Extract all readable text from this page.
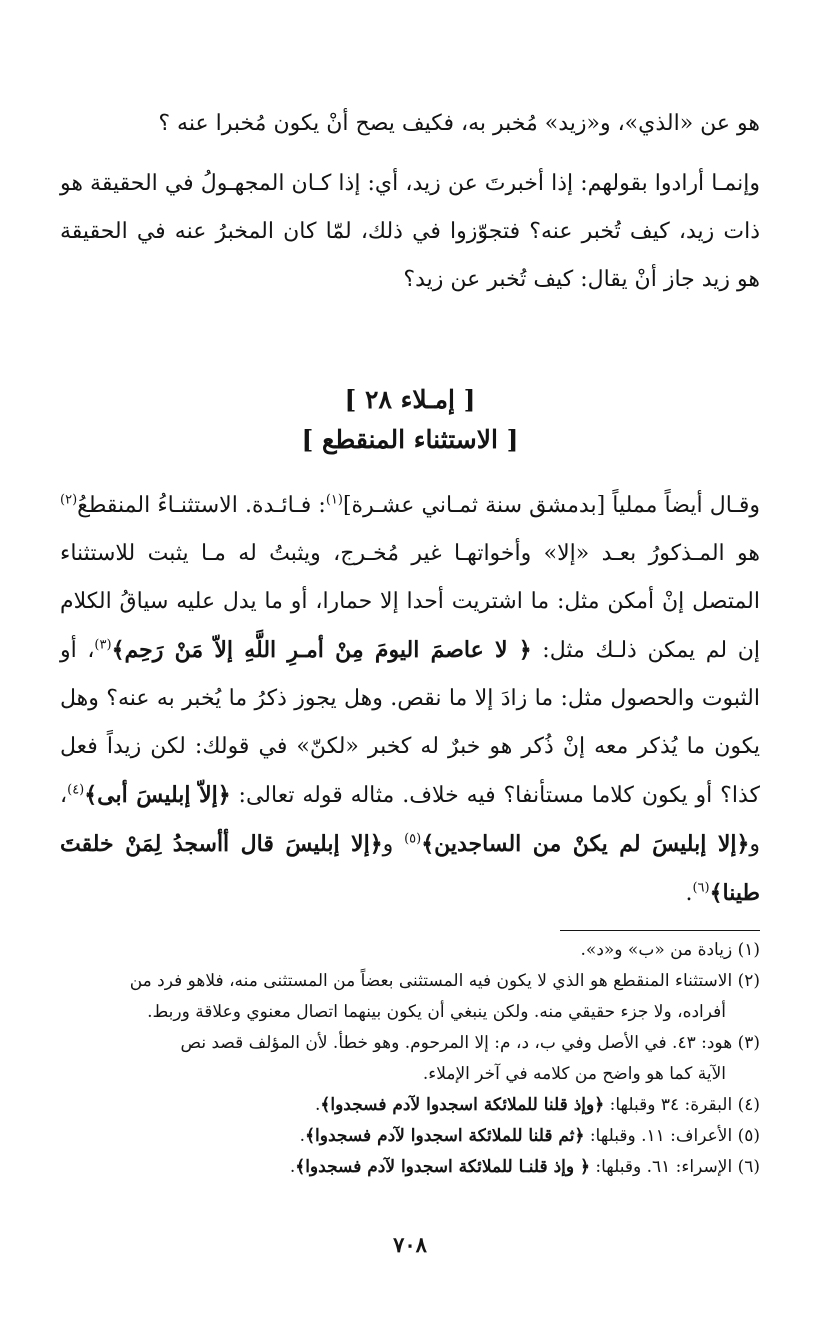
هو عن «الذي»، و«زيد» مُخبر به، فكيف يصح أنْ يكون مُخبرا عنه ؟

وإنمـا أرادوا بقولهم: إذا أخبرتَ عن زيد، أي: إذا كـان المجهـولُ في الحقيقة هو ذات زيد، كيف تُخبر عنه؟ فتجوّزوا في ذلك، لمّا كان المخبرُ عنه في الحقيقة هو زيد جاز أنْ يقال: كيف تُخبر عن زيد؟

[ إمـلاء ٢٨ ]
[ الاستثناء المنقطع ]

وقـال أيضاً مملياً [بدمشق سنة ثمـاني عشـرة]$^{(١)}$: فـائـدة. الاستثنـاءُ المنقطعُ$^{(٢)}$ هو المـذكورُ بعـد «إلا» وأخواتهـا غير مُخـرج، ويثبتُ له مـا يثبت للاستثناء المتصل إنْ أمكن مثل: ما اشتريت أحدا إلا حمارا، أو ما يدل عليه سياقُ الكلام إن لم يمكن ذلـك مثل: ﴿ لا عاصمَ اليومَ مِنْ أمـرِ اللَّهِ إلاّ مَنْ رَحِم﴾$^{(٣)}$، أو الثبوت والحصول مثل: ما زادَ إلا ما نقص. وهل يجوز ذكرُ ما يُخبر به عنه؟ وهل يكون ما يُذكر معه إنْ ذُكر هو خبرٌ له كخبر «لكنّ» في قولك: لكن زيداً فعل كذا؟ أو يكون كلاما مستأنفا؟ فيه خلاف. مثاله قوله تعالى: ﴿إلاّ إبليسَ أبى﴾$^{(٤)}$، و﴿إلا إبليسَ لم يكنْ من الساجدين﴾$^{(٥)}$ و﴿إلا إبليسَ قال أأسجدُ لِمَنْ خلقتَ طينا﴾$^{(٦)}$.

(١) زيادة من «ب» و«د».

(٢) الاستثناء المنقطع هو الذي لا يكون فيه المستثنى بعضاً من المستثنى منه، فلاهو فرد من
أفراده، ولا جزء حقيقي منه. ولكن ينبغي أن يكون بينهما اتصال معنوي وعلاقة وربط.

(٣) هود: ٤٣. في الأصل وفي ب، د، م: إلا المرحوم. وهو خطأ. لأن المؤلف قصد نص
الآية كما هو واضح من كلامه في آخر الإملاء.

(٤) البقرة: ٣٤ وقبلها: ﴿وإذ قلنا للملائكة اسجدوا لآدم فسجدوا﴾.

(٥) الأعراف: ١١. وقبلها: ﴿ثم قلنا للملائكة اسجدوا لآدم فسجدوا﴾.

(٦) الإسراء: ٦١. وقبلها: ﴿ وإذ قلنـا للملائكة اسجدوا لآدم فسجدوا﴾.

٧٠٨
